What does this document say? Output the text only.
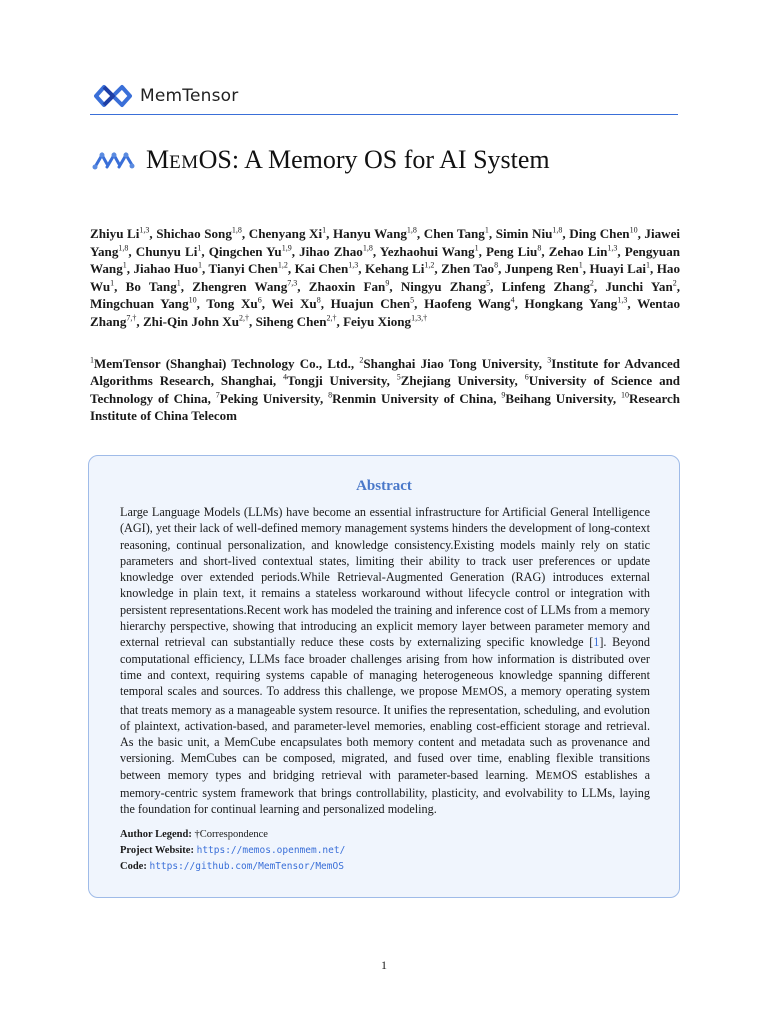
MemTensor
MEMOS: A Memory OS for AI System
Zhiyu Li$^{1,3}$, Shichao Song$^{1,8}$, Chenyang Xi$^1$, Hanyu Wang$^{1,8}$, Chen Tang$^1$, Simin Niu$^{1,8}$, Ding Chen$^{10}$, Jiawei Yang$^{1,8}$, Chunyu Li$^1$, Qingchen Yu$^{1,9}$, Jihao Zhao$^{1,8}$, Yezhaohui Wang$^1$, Peng Liu$^8$, Zehao Lin$^{1,3}$, Pengyuan Wang$^1$, Jiahao Huo$^1$, Tianyi Chen$^{1,2}$, Kai Chen$^{1,3}$, Kehang Li$^{1,2}$, Zhen Tao$^8$, Junpeng Ren$^1$, Huayi Lai$^1$, Hao Wu$^1$, Bo Tang$^1$, Zhengren Wang$^{7,3}$, Zhaoxin Fan$^9$, Ningyu Zhang$^5$, Linfeng Zhang$^2$, Junchi Yan$^2$, Mingchuan Yang$^{10}$, Tong Xu$^6$, Wei Xu$^8$, Huajun Chen$^5$, Haofeng Wang$^4$, Hongkang Yang$^{1,3}$, Wentao Zhang$^{7,\dagger}$, Zhi-Qin John $Xu^{2,\dagger}$, Siheng Chen$^{2,\dagger}$, Feiyu Xiong$^{1,3,\dagger}$
$^1$MemTensor (Shanghai) Technology Co., Ltd., $^2$Shanghai Jiao Tong University, $^3$Institute for Advanced Algorithms Research, Shanghai, $^4$Tongji University, $^5$Zhejiang University, $^6$University of Science and Technology of China, $^7$Peking University, $^8$Renmin University of China, $^9$Beihang University, $^{10}$Research Institute of China Telecom
Abstract
Large Language Models (LLMs) have become an essential infrastructure for Artificial General Intelligence (AGI), yet their lack of well-defined memory management systems hinders the development of long-context reasoning, continual personalization, and knowledge consistency.Existing models mainly rely on static parameters and short-lived contextual states, limiting their ability to track user preferences or update knowledge over extended periods.While Retrieval-Augmented Generation (RAG) introduces external knowledge in plain text, it remains a stateless workaround without lifecycle control or integration with persistent representations.Recent work has modeled the training and inference cost of LLMs from a memory hierarchy perspective, showing that introducing an explicit memory layer between parameter memory and external retrieval can substantially reduce these costs by externalizing specific knowledge [1]. Beyond computational efficiency, LLMs face broader challenges arising from how information is distributed over time and context, requiring systems capable of managing heterogeneous knowledge spanning different temporal scales and sources. To address this challenge, we propose MEMOS, a memory operating system that treats memory as a manageable system resource. It unifies the representation, scheduling, and evolution of plaintext, activation-based, and parameter-level memories, enabling cost-efficient storage and retrieval. As the basic unit, a MemCube encapsulates both memory content and metadata such as provenance and versioning. MemCubes can be composed, migrated, and fused over time, enabling flexible transitions between memory types and bridging retrieval with parameter-based learning. MEMOS establishes a memory-centric system framework that brings controllability, plasticity, and evolvability to LLMs, laying the foundation for continual learning and personalized modeling.
Author Legend: †Correspondence
Project Website: https://memos.openmem.net/
Code: https://github.com/MemTensor/MemOS
1
